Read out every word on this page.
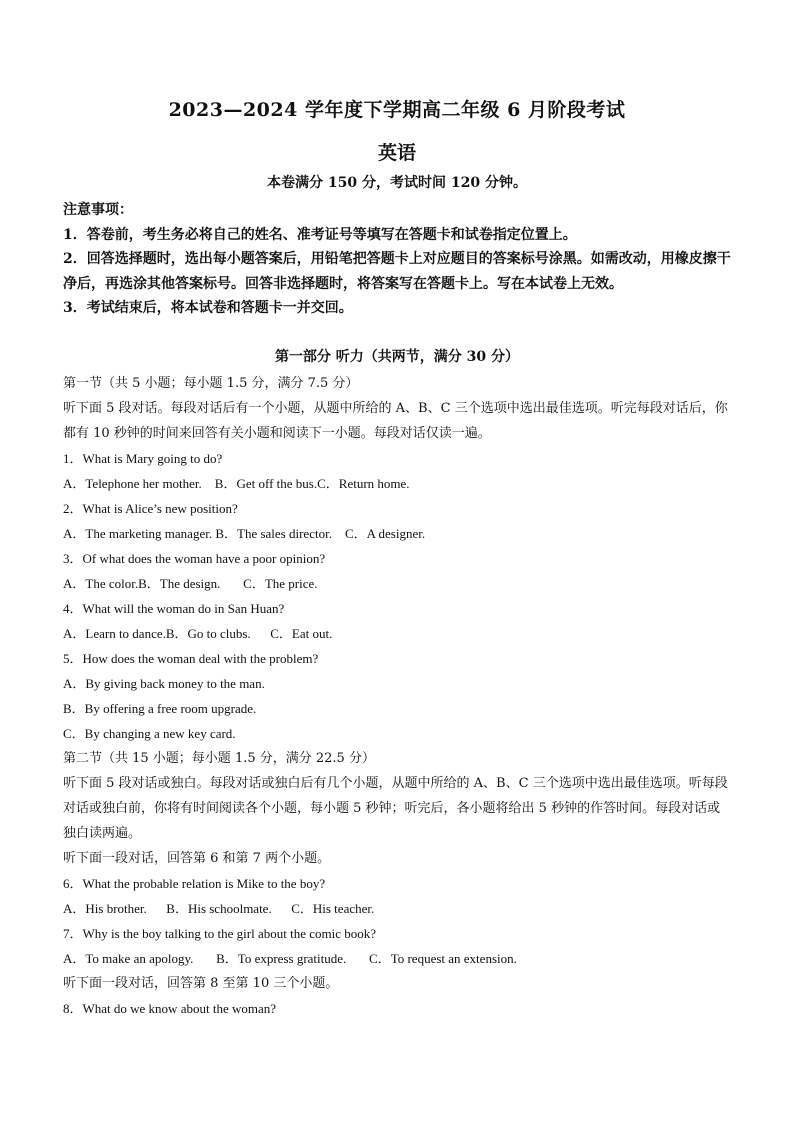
2023—2024 学年度下学期高二年级 6 月阶段考试
英语
本卷满分 150 分，考试时间 120 分钟。

注意事项：

1．答卷前，考生务必将自己的姓名、准考证号等填写在答题卡和试卷指定位置上。

2．回答选择题时，选出每小题答案后，用铅笔把答题卡上对应题目的答案标号涂黑。如需改动，用橡皮擦干净后，再选涂其他答案标号。回答非选择题时，将答案写在答题卡上。写在本试卷上无效。

3．考试结束后，将本试卷和答题卡一并交回。

第一部分 听力（共两节，满分 30 分）

第一节（共 5 小题；每小题 1.5 分，满分 7.5 分）

听下面 5 段对话。每段对话后有一个小题，从题中所给的 A、B、C 三个选项中选出最佳选项。听完每段对话后，你都有 10 秒钟的时间来回答有关小题和阅读下一小题。每段对话仅读一遍。

1．What is Mary going to do?

A．Telephone her mother.    B．Get off the bus.C．Return home.

2．What is Alice’s new position?

A．The marketing manager. B．The sales director.    C．A designer.

3．Of what does the woman have a poor opinion?

A．The color.B．The design.       C．The price.

4．What will the woman do in San Huan?

A．Learn to dance.B．Go to clubs.      C．Eat out.

5．How does the woman deal with the problem?

A．By giving back money to the man.

B．By offering a free room upgrade.

C．By changing a new key card.

第二节（共 15 小题；每小题 1.5 分，满分 22.5 分）

听下面 5 段对话或独白。每段对话或独白后有几个小题，从题中所给的 A、B、C 三个选项中选出最佳选项。听每段对话或独白前，你将有时间阅读各个小题，每小题 5 秒钟；听完后，各小题将给出 5 秒钟的作答时间。每段对话或独白读两遍。

听下面一段对话，回答第 6 和第 7 两个小题。

6．What the probable relation is Mike to the boy?

A．His brother.      B．His schoolmate.      C．His teacher.

7．Why is the boy talking to the girl about the comic book?

A．To make an apology.       B．To express gratitude.       C．To request an extension.

听下面一段对话，回答第 8 至第 10 三个小题。

8．What do we know about the woman?
